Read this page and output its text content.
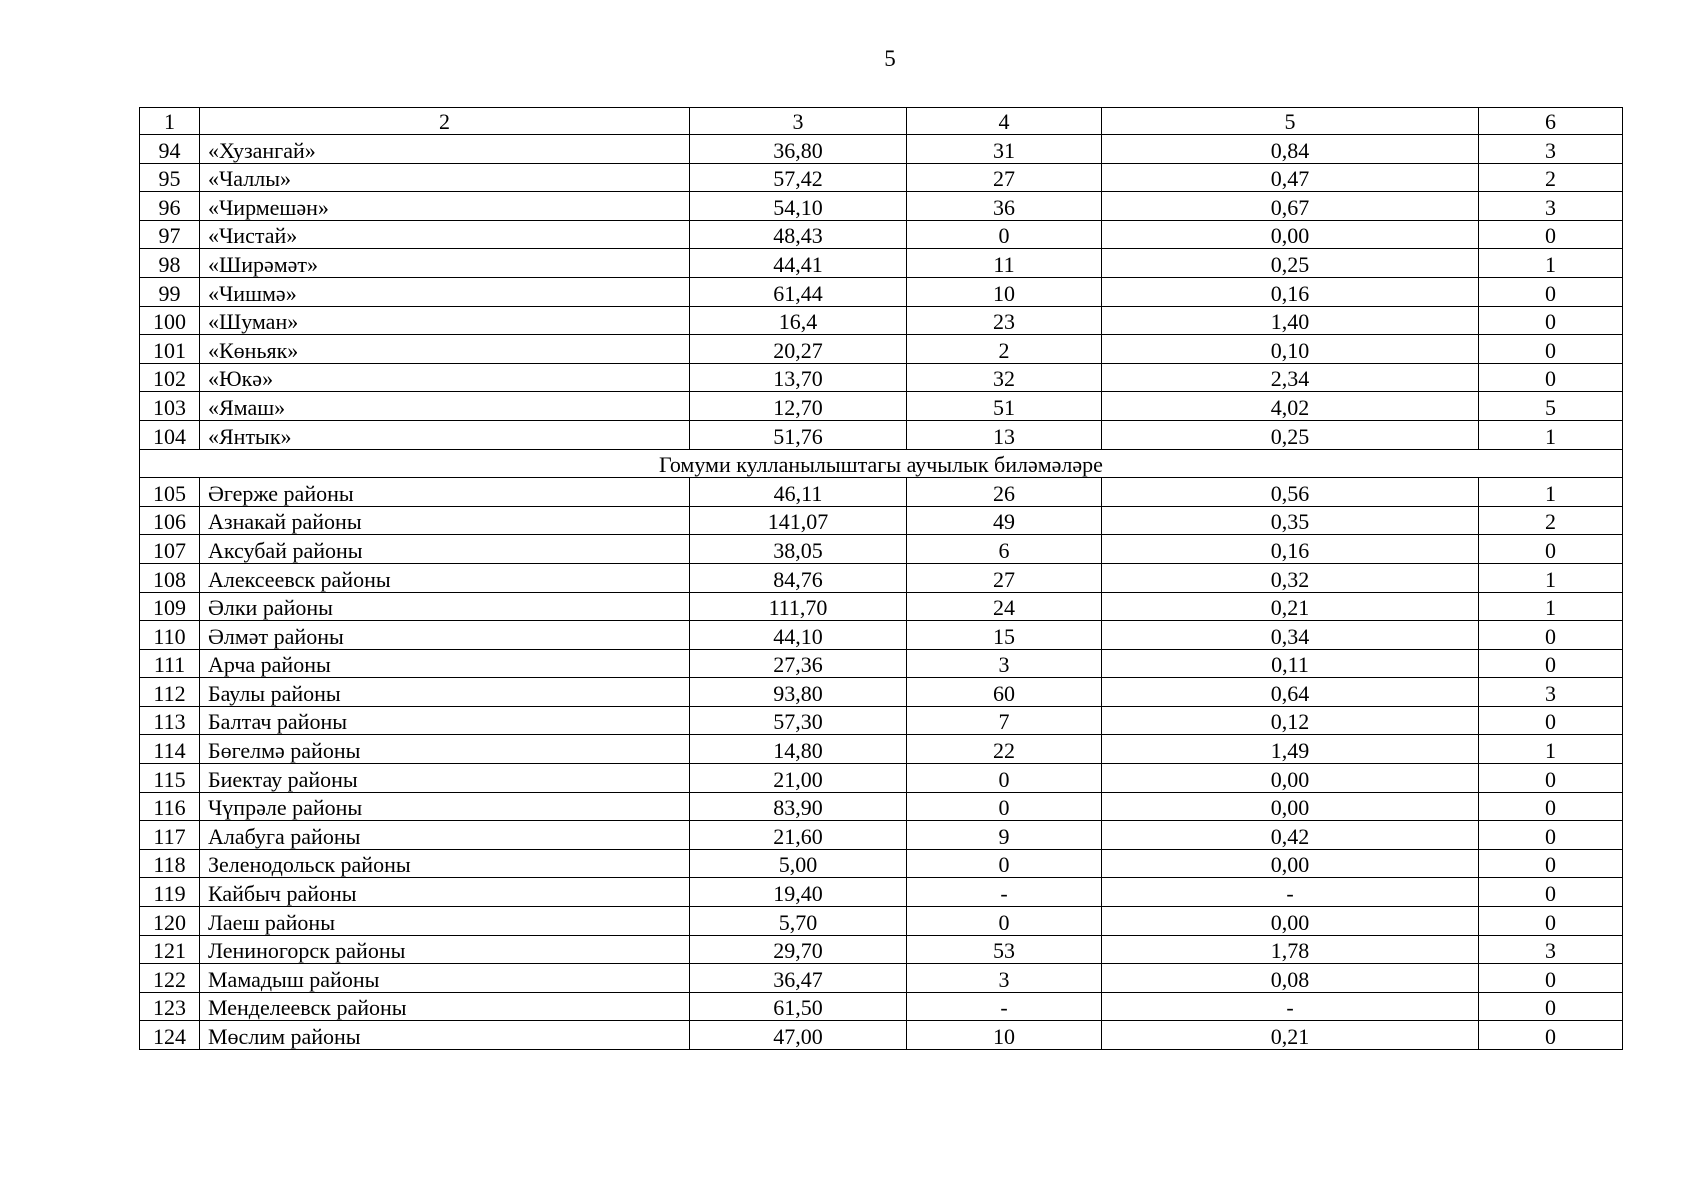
5
1	2	3	4	5	6
94	«Хузангай»	36,80	31	0,84	3
95	«Чаллы»	57,42	27	0,47	2
96	«Чирмешән»	54,10	36	0,67	3
97	«Чистай»	48,43	0	0,00	0
98	«Ширәмәт»	44,41	11	0,25	1
99	«Чишмә»	61,44	10	0,16	0
100	«Шуман»	16,4	23	1,40	0
101	«Көньяк»	20,27	2	0,10	0
102	«Юкә»	13,70	32	2,34	0
103	«Ямаш»	12,70	51	4,02	5
104	«Янтык»	51,76	13	0,25	1
Гомуми кулланылыштагы аучылык биләмәләре					
105	Әгерже районы	46,11	26	0,56	1
106	Азнакай районы	141,07	49	0,35	2
107	Аксубай районы	38,05	6	0,16	0
108	Алексеевск районы	84,76	27	0,32	1
109	Әлки районы	111,70	24	0,21	1
110	Әлмәт районы	44,10	15	0,34	0
111	Арча районы	27,36	3	0,11	0
112	Баулы районы	93,80	60	0,64	3
113	Балтач районы	57,30	7	0,12	0
114	Бөгелмә районы	14,80	22	1,49	1
115	Биектау районы	21,00	0	0,00	0
116	Чүпрәле районы	83,90	0	0,00	0
117	Алабуга районы	21,60	9	0,42	0
118	Зеленодольск районы	5,00	0	0,00	0
119	Кайбыч районы	19,40	-	-	0
120	Лаеш районы	5,70	0	0,00	0
121	Лениногорск районы	29,70	53	1,78	3
122	Мамадыш районы	36,47	3	0,08	0
123	Менделеевск районы	61,50	-	-	0
124	Мөслим районы	47,00	10	0,21	0
